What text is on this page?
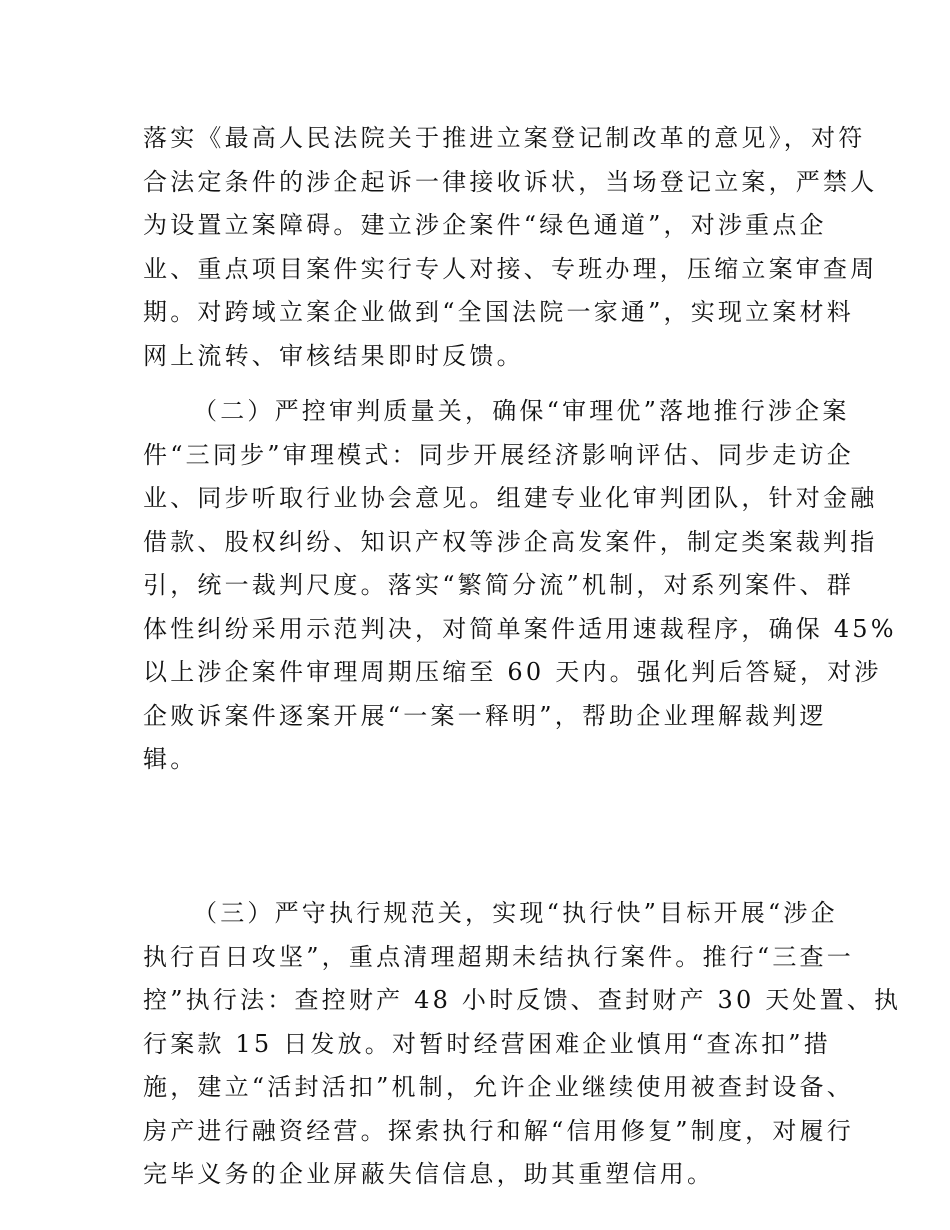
落实《最高人民法院关于推进立案登记制改革的意见》，对符
合法定条件的涉企起诉一律接收诉状，当场登记立案，严禁人
为设置立案障碍。建立涉企案件“绿色通道”，对涉重点企
业、重点项目案件实行专人对接、专班办理，压缩立案审查周
期。对跨域立案企业做到“全国法院一家通”，实现立案材料
网上流转、审核结果即时反馈。
（二）严控审判质量关，确保“审理优”落地推行涉企案
件“三同步”审理模式：同步开展经济影响评估、同步走访企
业、同步听取行业协会意见。组建专业化审判团队，针对金融
借款、股权纠纷、知识产权等涉企高发案件，制定类案裁判指
引，统一裁判尺度。落实“繁简分流”机制，对系列案件、群
体性纠纷采用示范判决，对简单案件适用速裁程序，确保 45%
以上涉企案件审理周期压缩至 60 天内。强化判后答疑，对涉
企败诉案件逐案开展“一案一释明”，帮助企业理解裁判逻
辑。
（三）严守执行规范关，实现“执行快”目标开展“涉企
执行百日攻坚”，重点清理超期未结执行案件。推行“三查一
控”执行法：查控财产 48 小时反馈、查封财产 30 天处置、执
行案款 15 日发放。对暂时经营困难企业慎用“查冻扣”措
施，建立“活封活扣”机制，允许企业继续使用被查封设备、
房产进行融资经营。探索执行和解“信用修复”制度，对履行
完毕义务的企业屏蔽失信信息，助其重塑信用。
